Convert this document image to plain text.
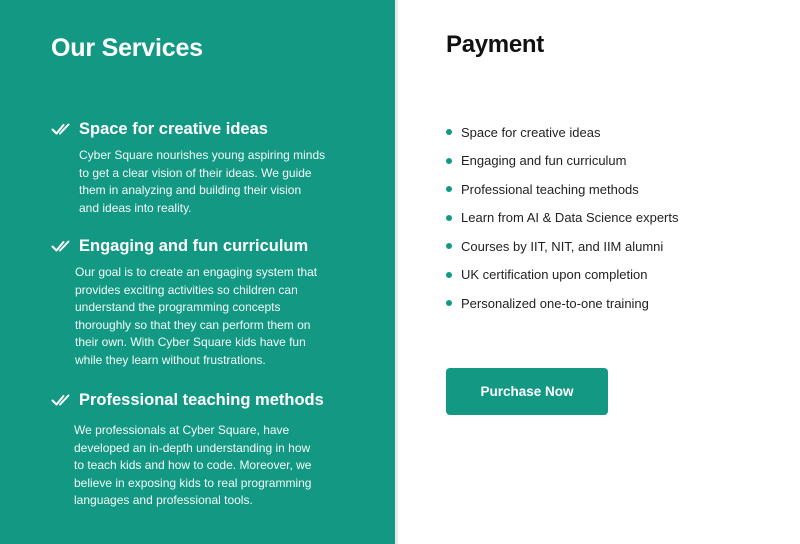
Our Services
Space for creative ideas

Cyber Square nourishes young aspiring minds
to get a clear vision of their ideas. We guide
them in analyzing and building their vision
and ideas into reality.

Engaging and fun curriculum

Our goal is to create an engaging system that
provides exciting activities so children can
understand the programming concepts
thoroughly so that they can perform them on
their own. With Cyber Square kids have fun
while they learn without frustrations.

Professional teaching methods

We professionals at Cyber Square, have
developed an in-depth understanding in how
to teach kids and how to code. Moreover, we
believe in exposing kids to real programming
languages and professional tools.

Payment
Space for creative ideas
Engaging and fun curriculum
Professional teaching methods
Learn from AI & Data Science experts
Courses by IIT, NIT, and IIM alumni
UK certification upon completion
Personalized one-to-one training
Purchase Now
